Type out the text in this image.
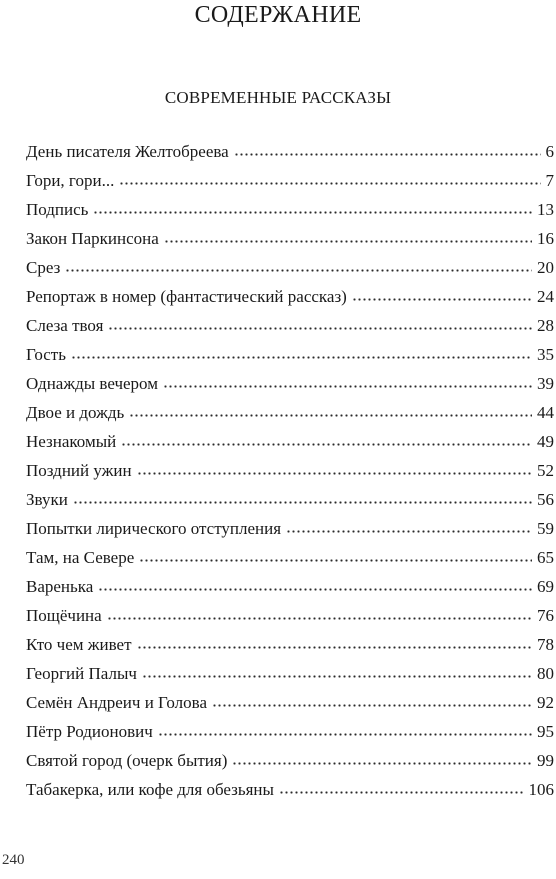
СОДЕРЖАНИЕ
СОВРЕМЕННЫЕ РАССКАЗЫ
День писателя Желтобреева	6
Гори, гори...	7
Подпись	13
Закон Паркинсона	16
Срез	20
Репортаж в номер (фантастический рассказ)	24
Слеза твоя	28
Гость	35
Однажды вечером	39
Двое и дождь	44
Незнакомый	49
Поздний ужин	52
Звуки	56
Попытки лирического отступления	59
Там, на Севере	65
Варенька	69
Пощёчина	76
Кто чем живет	78
Георгий Палыч	80
Семён Андреич и Голова	92
Пётр Родионович	95
Святой город (очерк бытия)	99
Табакерка, или кофе для обезьяны	106
240
